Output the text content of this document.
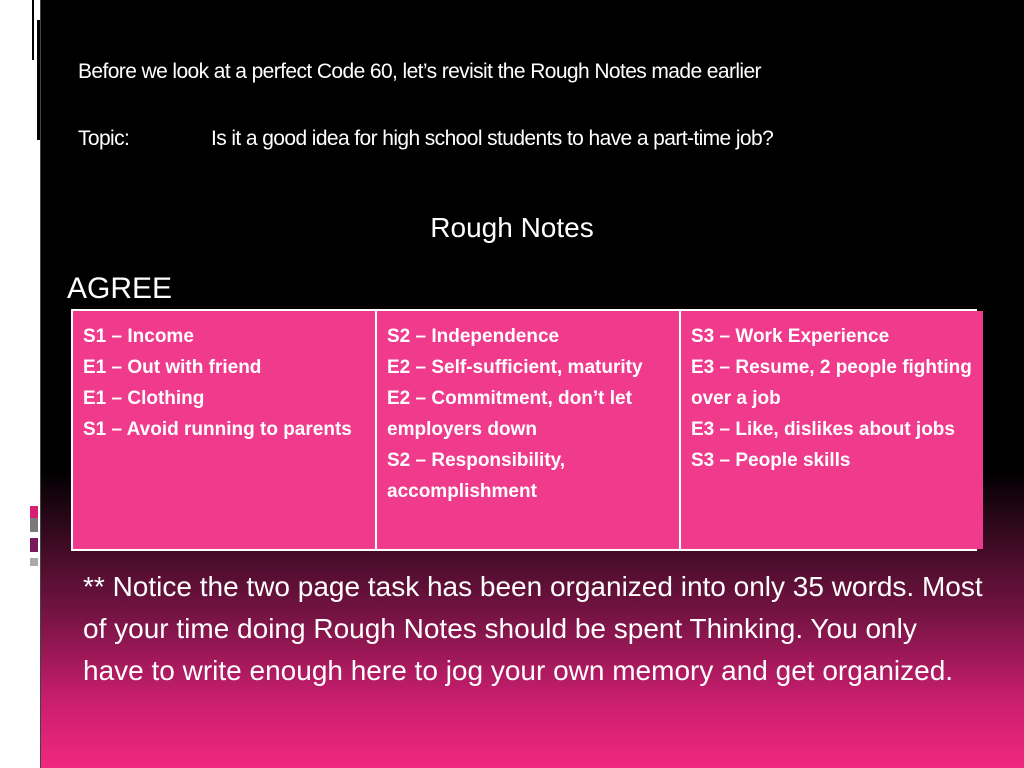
Before we look at a perfect Code 60, let’s revisit the Rough Notes made earlier
Topic:	Is it a good idea for high school students to have a part-time job?
Rough Notes
AGREE
S1 – Income
E1 – Out with friend
E1 – Clothing
S1 – Avoid running to parents
S2 – Independence
E2 – Self-sufficient, maturity
E2 – Commitment, don’t let employers down
S2 – Responsibility, accomplishment
S3 – Work Experience
E3 – Resume, 2 people fighting over a job
E3 – Like, dislikes about jobs
S3 – People skills
** Notice the two page task has been organized into only 35 words. Most of your time doing Rough Notes should be spent Thinking. You only have to write enough here to jog your own memory and get organized.
